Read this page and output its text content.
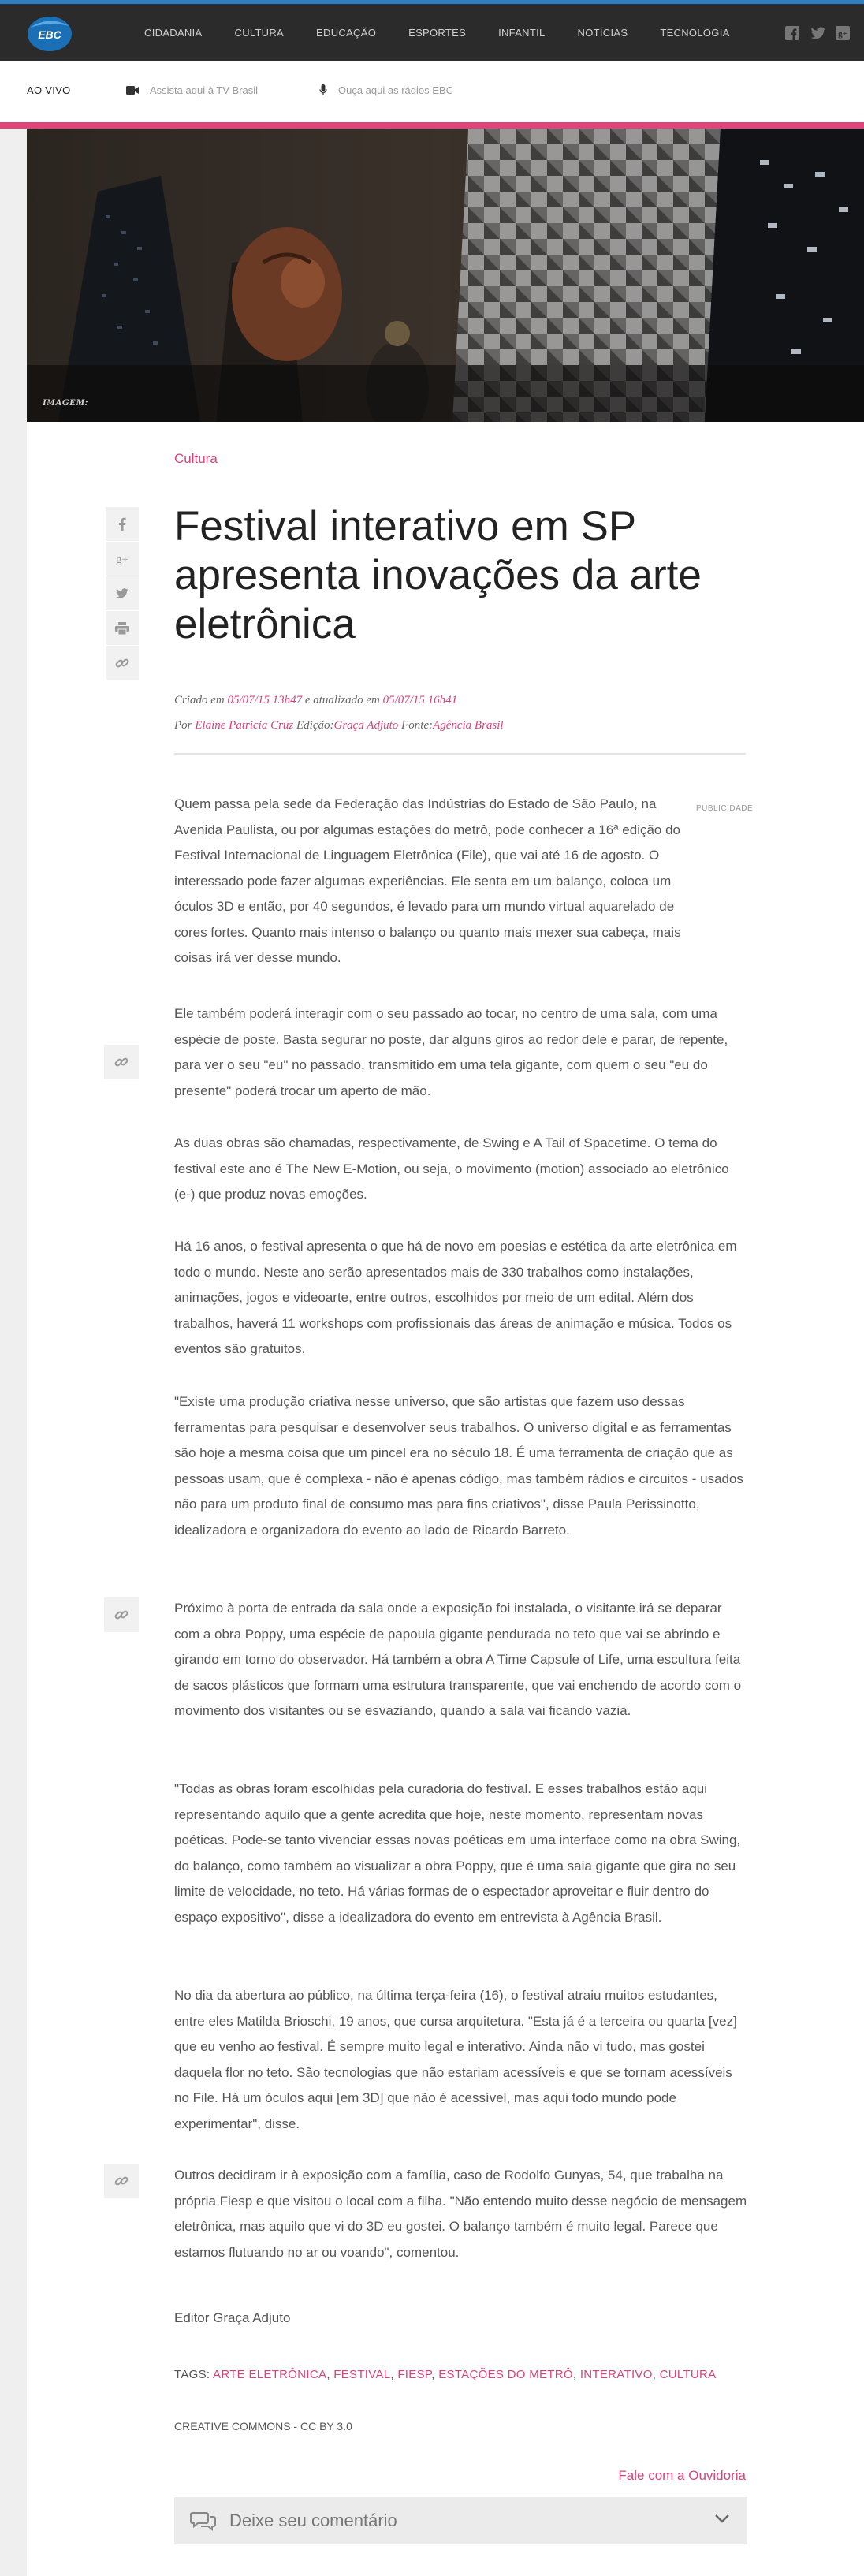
EBC	CIDADANIA	CULTURA	EDUCAÇÃO	ESPORTES	INFANTIL	NOTÍCIAS	TECNOLOGIA	g+
AO VIVO	Assista aqui à TV Brasil	Ouça aqui as rádios EBC
IMAGEM:
Cultura
g+
Festival interativo em SP apresenta inovações da arte eletrônica
Criado em 05/07/15 13h47 e atualizado em 05/07/15 16h41
Por Elaine Patricia Cruz Edição:Graça Adjuto Fonte:Agência Brasil
PUBLICIDADE

Quem passa pela sede da Federação das Indústrias do Estado de São Paulo, na Avenida Paulista, ou por algumas estações do metrô, pode conhecer a 16ª edição do Festival Internacional de Linguagem Eletrônica (File), que vai até 16 de agosto. O interessado pode fazer algumas experiências. Ele senta em um balanço, coloca um óculos 3D e então, por 40 segundos, é levado para um mundo virtual aquarelado de cores fortes. Quanto mais intenso o balanço ou quanto mais mexer sua cabeça, mais coisas irá ver desse mundo.

Ele também poderá interagir com o seu passado ao tocar, no centro de uma sala, com uma espécie de poste. Basta segurar no poste, dar alguns giros ao redor dele e parar, de repente, para ver o seu "eu" no passado, transmitido em uma tela gigante, com quem o seu "eu do presente" poderá trocar um aperto de mão.

As duas obras são chamadas, respectivamente, de Swing e A Tail of Spacetime. O tema do festival este ano é The New E-Motion, ou seja, o movimento (motion) associado ao eletrônico (e-) que produz novas emoções.

Há 16 anos, o festival apresenta o que há de novo em poesias e estética da arte eletrônica em todo o mundo. Neste ano serão apresentados mais de 330 trabalhos como instalações, animações, jogos e videoarte, entre outros, escolhidos por meio de um edital. Além dos trabalhos, haverá 11 workshops com profissionais das áreas de animação e música. Todos os eventos são gratuitos.

"Existe uma produção criativa nesse universo, que são artistas que fazem uso dessas ferramentas para pesquisar e desenvolver seus trabalhos. O universo digital e as ferramentas são hoje a mesma coisa que um pincel era no século 18. É uma ferramenta de criação que as pessoas usam, que é complexa - não é apenas código, mas também rádios e circuitos - usados não para um produto final de consumo mas para fins criativos", disse Paula Perissinotto, idealizadora e organizadora do evento ao lado de Ricardo Barreto.

Próximo à porta de entrada da sala onde a exposição foi instalada, o visitante irá se deparar com a obra Poppy, uma espécie de papoula gigante pendurada no teto que vai se abrindo e girando em torno do observador. Há também a obra A Time Capsule of Life, uma escultura feita de sacos plásticos que formam uma estrutura transparente, que vai enchendo de acordo com o movimento dos visitantes ou se esvaziando, quando a sala vai ficando vazia.

"Todas as obras foram escolhidas pela curadoria do festival. E esses trabalhos estão aqui representando aquilo que a gente acredita que hoje, neste momento, representam novas poéticas. Pode-se tanto vivenciar essas novas poéticas em uma interface como na obra Swing, do balanço, como também ao visualizar a obra Poppy, que é uma saia gigante que gira no seu limite de velocidade, no teto. Há várias formas de o espectador aproveitar e fluir dentro do espaço expositivo", disse a idealizadora do evento em entrevista à Agência Brasil.

No dia da abertura ao público, na última terça-feira (16), o festival atraiu muitos estudantes, entre eles Matilda Brioschi, 19 anos, que cursa arquitetura. "Esta já é a terceira ou quarta [vez] que eu venho ao festival. É sempre muito legal e interativo. Ainda não vi tudo, mas gostei daquela flor no teto. São tecnologias que não estariam acessíveis e que se tornam acessíveis no File. Há um óculos aqui [em 3D] que não é acessível, mas aqui todo mundo pode experimentar", disse.

Outros decidiram ir à exposição com a família, caso de Rodolfo Gunyas, 54, que trabalha na própria Fiesp e que visitou o local com a filha. "Não entendo muito desse negócio de mensagem eletrônica, mas aquilo que vi do 3D eu gostei. O balanço também é muito legal. Parece que estamos flutuando no ar ou voando", comentou.

Editor Graça Adjuto

TAGS: ARTE ELETRÔNICA, FESTIVAL, FIESP, ESTAÇÕES DO METRÔ, INTERATIVO, CULTURA
CREATIVE COMMONS - CC BY 3.0
Fale com a Ouvidoria
Deixe seu comentário
